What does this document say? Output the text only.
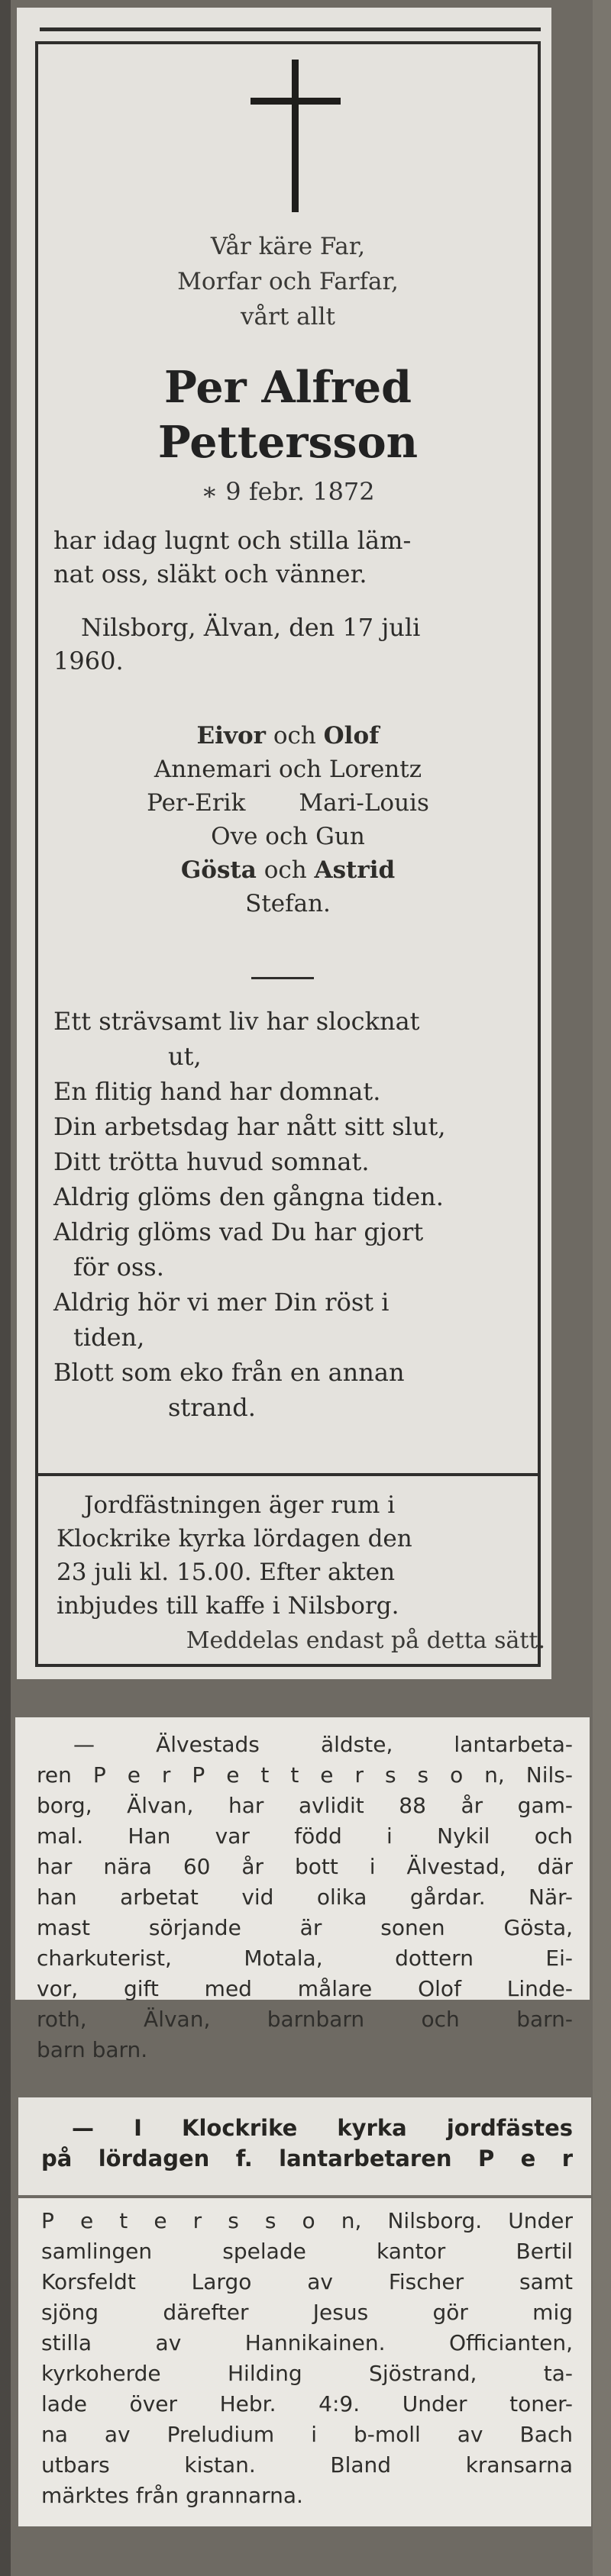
Vår käre Far,
Morfar och Farfar,
vårt allt
Per Alfred
Pettersson
∗ 9 febr. 1872
har idag lugnt och stilla läm-
nat oss, släkt och vänner.
Nilsborg, Älvan, den 17 juli
1960.
Eivor och Olof
Annemari och Lorentz
Per-Erik Mari-Louis
Ove och Gun
Gösta och Astrid
Stefan.
Ett strävsamt liv har slocknat
ut,
En flitig hand har domnat.
Din arbetsdag har nått sitt slut,
Ditt trötta huvud somnat.
Aldrig glöms den gångna tiden.
Aldrig glöms vad Du har gjort
för oss.
Aldrig hör vi mer Din röst i
tiden,
Blott som eko från en annan
strand.
Jordfästningen äger rum i
Klockrike kyrka lördagen den
23 juli kl. 15.00. Efter akten
inbjudes till kaffe i Nilsborg.
Meddelas endast på detta sätt.
— Älvestads äldste, lantarbeta-
ren P e r P e t t e r s s o n, Nils-
borg, Älvan, har avlidit 88 år gam-
mal. Han var född i Nykil och
har nära 60 år bott i Älvestad, där
han arbetat vid olika gårdar. När-
mast sörjande är sonen Gösta,
charkuterist, Motala, dottern Ei-
vor, gift med målare Olof Linde-
roth, Älvan, barnbarn och barn-
barn barn.
— I Klockrike kyrka jordfästes
på lördagen f. lantarbetaren P e r
P e t e r s s o n, Nilsborg. Under
samlingen spelade kantor Bertil
Korsfeldt Largo av Fischer samt
sjöng därefter Jesus gör mig
stilla av Hannikainen. Officianten,
kyrkoherde Hilding Sjöstrand, ta-
lade över Hebr. 4:9. Under toner-
na av Preludium i b-moll av Bach
utbars kistan. Bland kransarna
märktes från grannarna.
